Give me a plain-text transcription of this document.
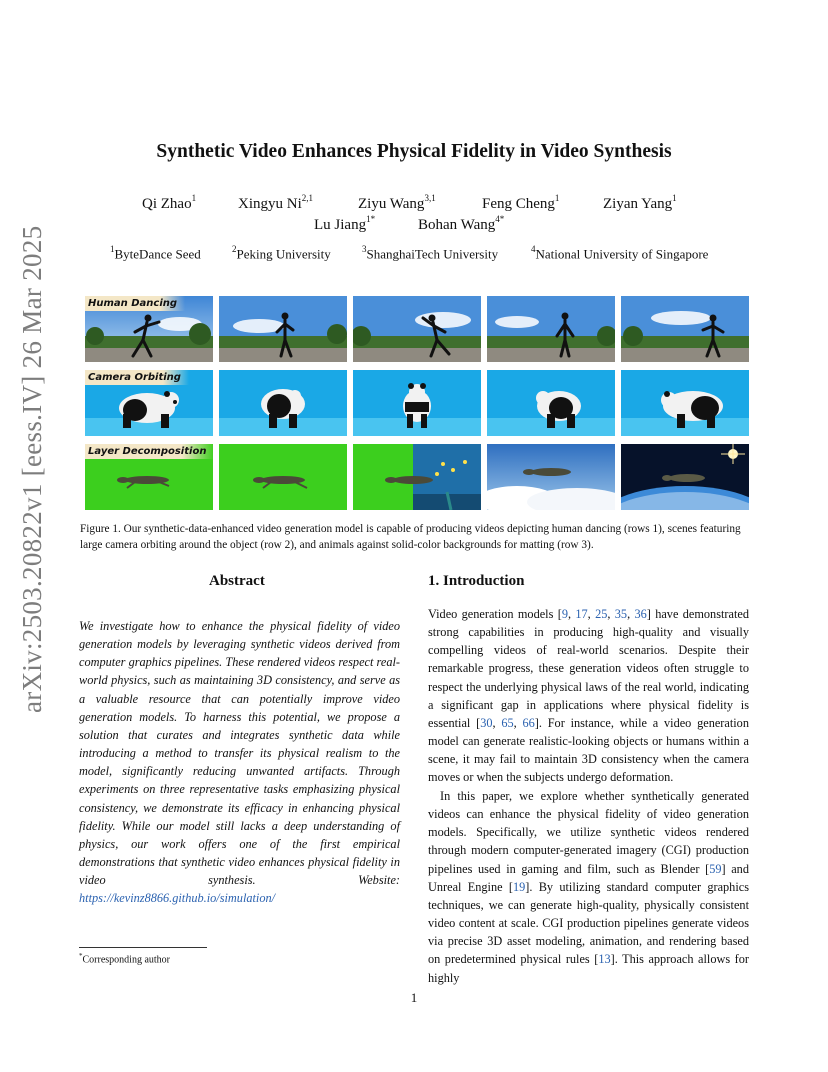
arXiv:2503.20822v1 [eess.IV] 26 Mar 2025
Synthetic Video Enhances Physical Fidelity in Video Synthesis
Qi Zhao$^1$	Xingyu Ni$^{2,1}$	Ziyu Wang$^{3,1}$	Feng Cheng$^1$	Ziyan Yang$^1$
Lu Jiang$^{1*}$	Bohan Wang$^{4*}$
$^1$ByteDance Seed	$^2$Peking University	$^3$ShanghaiTech University	$^4$National University of Singapore
Human Dancing
Camera Orbiting
Layer Decomposition
Figure 1. Our synthetic-data-enhanced video generation model is capable of producing videos depicting human dancing (rows 1), scenes featuring large camera orbiting around the object (row 2), and animals against solid-color backgrounds for matting (row 3).
Abstract
We investigate how to enhance the physical fidelity of video generation models by leveraging synthetic videos derived from computer graphics pipelines. These rendered videos respect real-world physics, such as maintaining 3D consistency, and serve as a valuable resource that can potentially improve video generation models. To harness this potential, we propose a solution that curates and integrates synthetic data while introducing a method to transfer its physical realism to the model, significantly reducing unwanted artifacts. Through experiments on three representative tasks emphasizing physical consistency, we demonstrate its efficacy in enhancing physical fidelity. While our model still lacks a deep understanding of physics, our work offers one of the first empirical demonstrations that synthetic video enhances physical fidelity in video synthesis.	Website: https://kevinz8866.github.io/simulation/
*Corresponding author
1. Introduction

Video generation models [9, 17, 25, 35, 36] have demonstrated strong capabilities in producing high-quality and visually compelling videos of real-world scenarios. Despite their remarkable progress, these generation videos often struggle to respect the underlying physical laws of the real world, indicating a significant gap in applications where physical fidelity is essential [30, 65, 66]. For instance, while a video generation model can generate realistic-looking objects or humans within a scene, it may fail to maintain 3D consistency when the camera moves or when the subjects undergo deformation.

In this paper, we explore whether synthetically generated videos can enhance the physical fidelity of video generation models. Specifically, we utilize synthetic videos rendered through modern computer-generated imagery (CGI) production pipelines used in gaming and film, such as Blender [59] and Unreal Engine [19]. By utilizing standard computer graphics techniques, we can generate high-quality, physically consistent video content at scale. CGI production pipelines generate videos via precise 3D asset modeling, animation, and rendering based on predetermined physical rules [13]. This approach allows for highly

1
